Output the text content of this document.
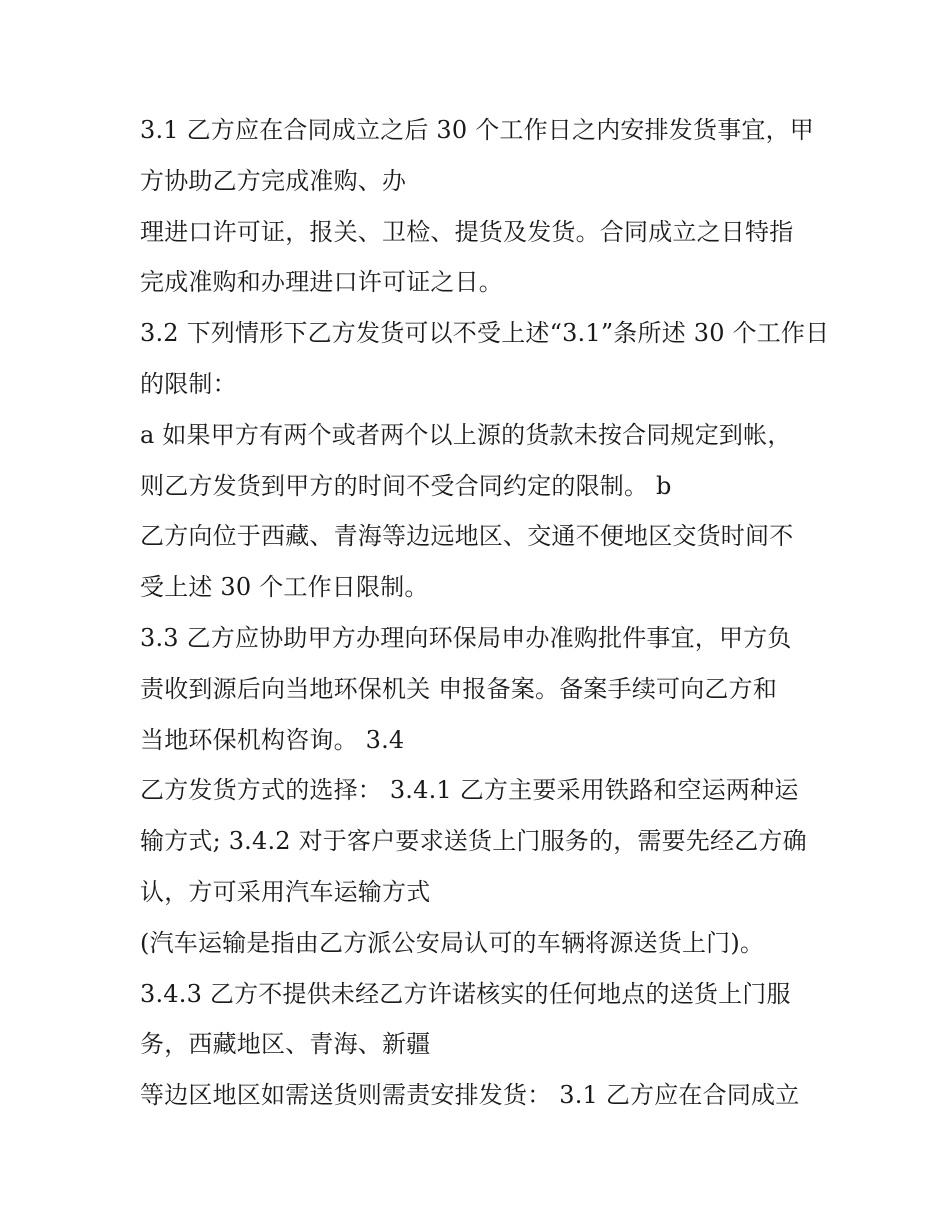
3.1 乙方应在合同成立之后 30 个工作日之内安排发货事宜，甲
方协助乙方完成准购、办
理进口许可证，报关、卫检、提货及发货。合同成立之日特指
完成准购和办理进口许可证之日。
3.2 下列情形下乙方发货可以不受上述“3.1”条所述 30 个工作日
的限制：
a 如果甲方有两个或者两个以上源的货款未按合同规定到帐，
则乙方发货到甲方的时间不受合同约定的限制。 b
乙方向位于西藏、青海等边远地区、交通不便地区交货时间不
受上述 30 个工作日限制。
3.3 乙方应协助甲方办理向环保局申办准购批件事宜，甲方负
责收到源后向当地环保机关 申报备案。备案手续可向乙方和
当地环保机构咨询。 3.4
乙方发货方式的选择： 3.4.1 乙方主要采用铁路和空运两种运
输方式; 3.4.2 对于客户要求送货上门服务的，需要先经乙方确
认，方可采用汽车运输方式
(汽车运输是指由乙方派公安局认可的车辆将源送货上门)。
3.4.3 乙方不提供未经乙方许诺核实的任何地点的送货上门服
务，西藏地区、青海、新疆
等边区地区如需送货则需责安排发货： 3.1 乙方应在合同成立
